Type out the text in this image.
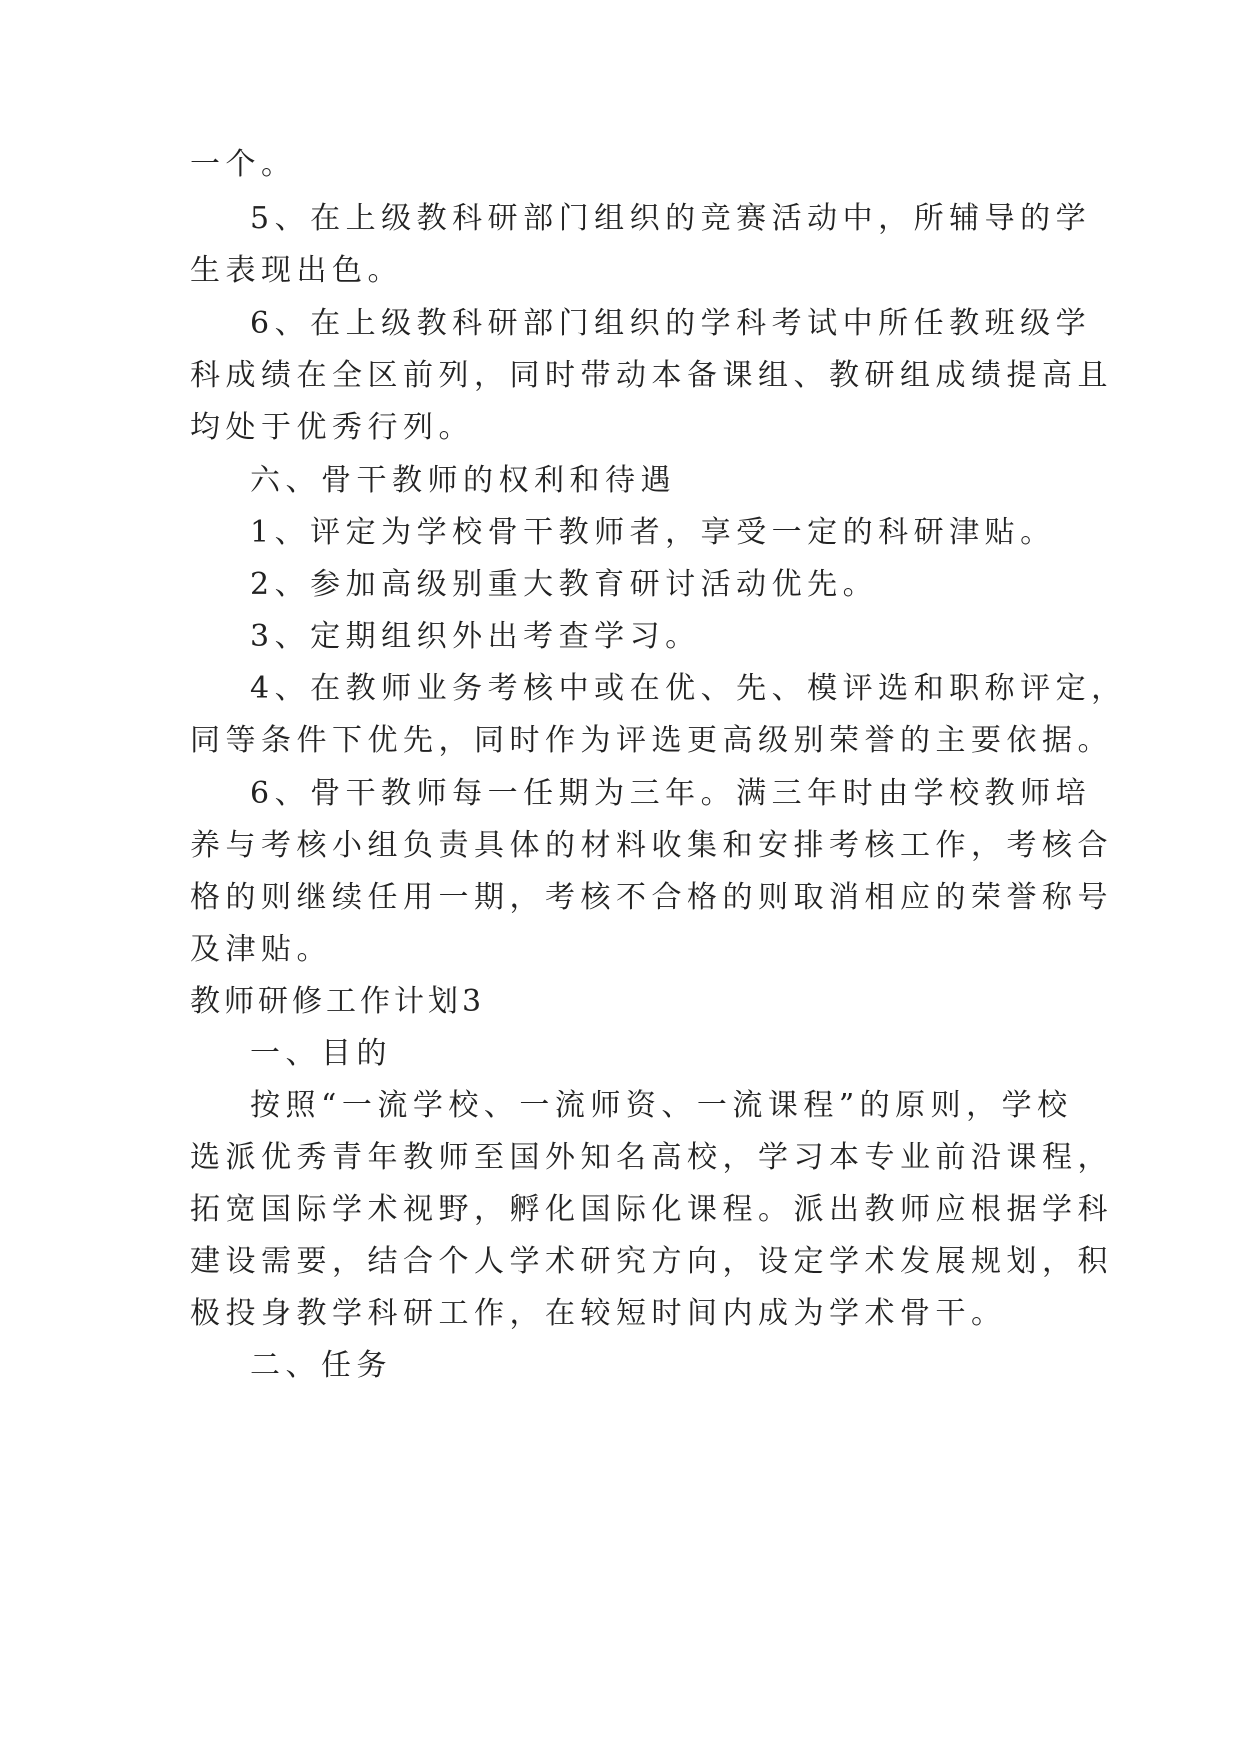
一个。

5、在上级教科研部门组织的竞赛活动中，所辅导的学

生表现出色。

6、在上级教科研部门组织的学科考试中所任教班级学

科成绩在全区前列，同时带动本备课组、教研组成绩提高且

均处于优秀行列。

六、骨干教师的权利和待遇

1、评定为学校骨干教师者，享受一定的科研津贴。

2、参加高级别重大教育研讨活动优先。

3、定期组织外出考查学习。

4、在教师业务考核中或在优、先、模评选和职称评定，

同等条件下优先，同时作为评选更高级别荣誉的主要依据。

6、骨干教师每一任期为三年。满三年时由学校教师培

养与考核小组负责具体的材料收集和安排考核工作，考核合

格的则继续任用一期，考核不合格的则取消相应的荣誉称号

及津贴。

教师研修工作计划3

一、目的

按照“一流学校、一流师资、一流课程”的原则，学校

选派优秀青年教师至国外知名高校，学习本专业前沿课程，

拓宽国际学术视野，孵化国际化课程。派出教师应根据学科

建设需要，结合个人学术研究方向，设定学术发展规划，积

极投身教学科研工作，在较短时间内成为学术骨干。

二、任务
